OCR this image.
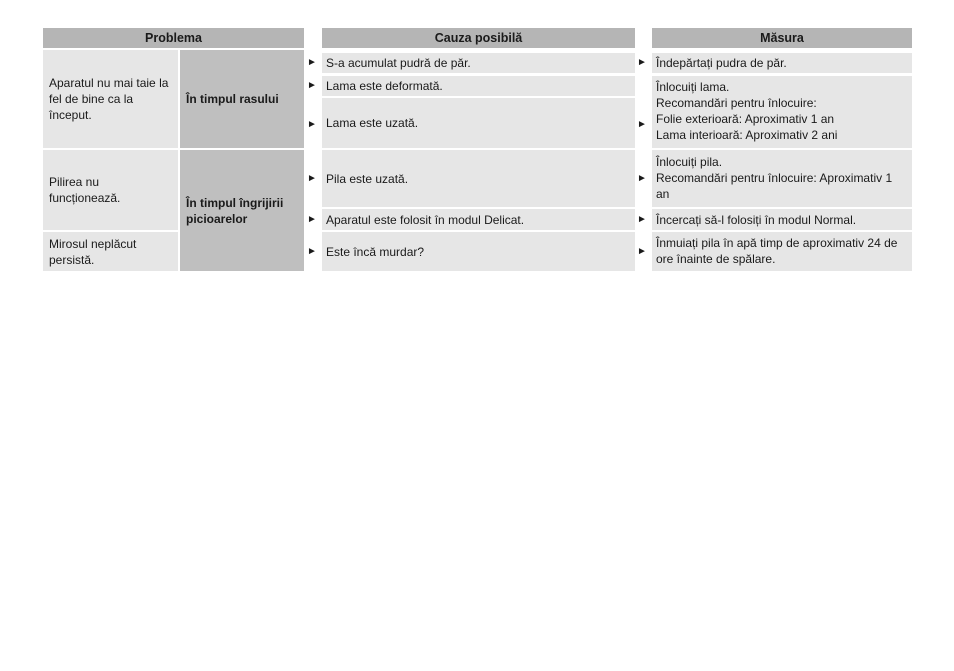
Problema	Cauza posibilă	Măsura
Aparatul nu mai taie la fel de bine ca la început.
Pilirea nu funcționează.
Mirosul neplăcut persistă.
În timpul rasului
În timpul îngrijirii picioarelor
► S-a acumulat pudră de păr.
► Lama este deformată.
► Lama este uzată.
► Pila este uzată.
► Aparatul este folosit în modul Delicat.
► Este încă murdar?
► Îndepărtați pudra de păr.
►
Înlocuiți lama.
Recomandări pentru înlocuire:
Folie exterioară: Aproximativ 1 an
Lama interioară: Aproximativ 2 ani
►
Înlocuiți pila.
Recomandări pentru înlocuire: Aproximativ 1 an
► Încercați să-l folosiți în modul Normal.
►
Înmuiați pila în apă timp de aproximativ 24 de ore înainte de spălare.
